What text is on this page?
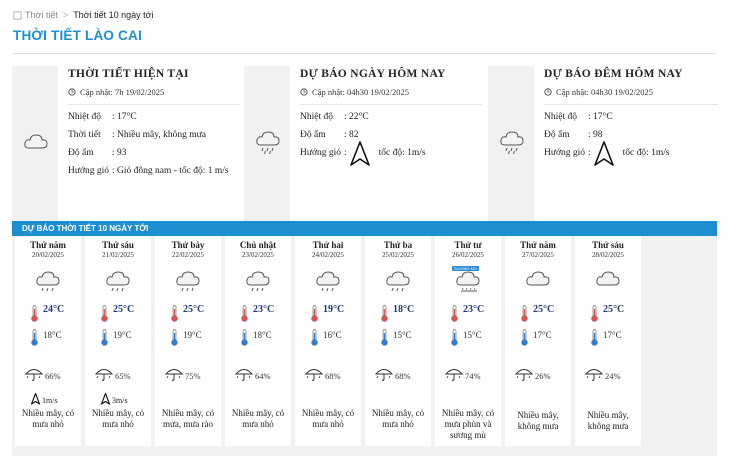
Thời tiết > Thời tiết 10 ngày tới
THỜI TIẾT LÀO CAI
THỜI TIẾT HIỆN TẠI
Cập nhật: 7h 19/02/2025
Nhiệt độ	: 17°C
Thời tiết	: Nhiều mây, không mưa
Độ ẩm	: 93
Hướng gió : Gió đông nam - tốc độ: 1 m/s
DỰ BÁO NGÀY HÔM NAY
Cập nhật: 04h30 19/02/2025
Nhiệt độ	: 22°C
Độ ẩm	: 82
Hướng gió :	tốc độ: 1m/s
DỰ BÁO ĐÊM HÔM NAY
Cập nhật: 04h30 19/02/2025
Nhiệt độ	: 17°C
Độ ẩm	: 98
Hướng gió :	tốc độ: 1m/s
DỰ BÁO THỜI TIẾT 10 NGÀY TỚI
Thứ năm
20/02/2025
24°C
18°C
66%
1m/s
Nhiều mây, có mưa nhỏ
Thứ sáu
21/02/2025
25°C
19°C
65%
3m/s
Nhiều mây, có mưa nhỏ
Thứ bảy
22/02/2025
25°C
19°C
75%
Nhiều mây, có mưa, mưa rào
Chủ nhật
23/02/2025
23°C
18°C
64%
Nhiều mây, có mưa nhỏ
Thứ hai
24/02/2025
19°C
16°C
68%
Nhiều mây, có mưa nhỏ
Thứ ba
25/02/2025
18°C
15°C
68%
Nhiều mây, có mưa nhỏ
Thứ tư
26/02/2025
SƯƠNG MÙ
23°C
15°C
74%
Nhiều mây, có mưa phùn và sương mù
Thứ năm
27/02/2025
25°C
17°C
26%
Nhiều mây, không mưa
Thứ sáu
28/02/2025
25°C
17°C
24%
Nhiều mây, không mưa
